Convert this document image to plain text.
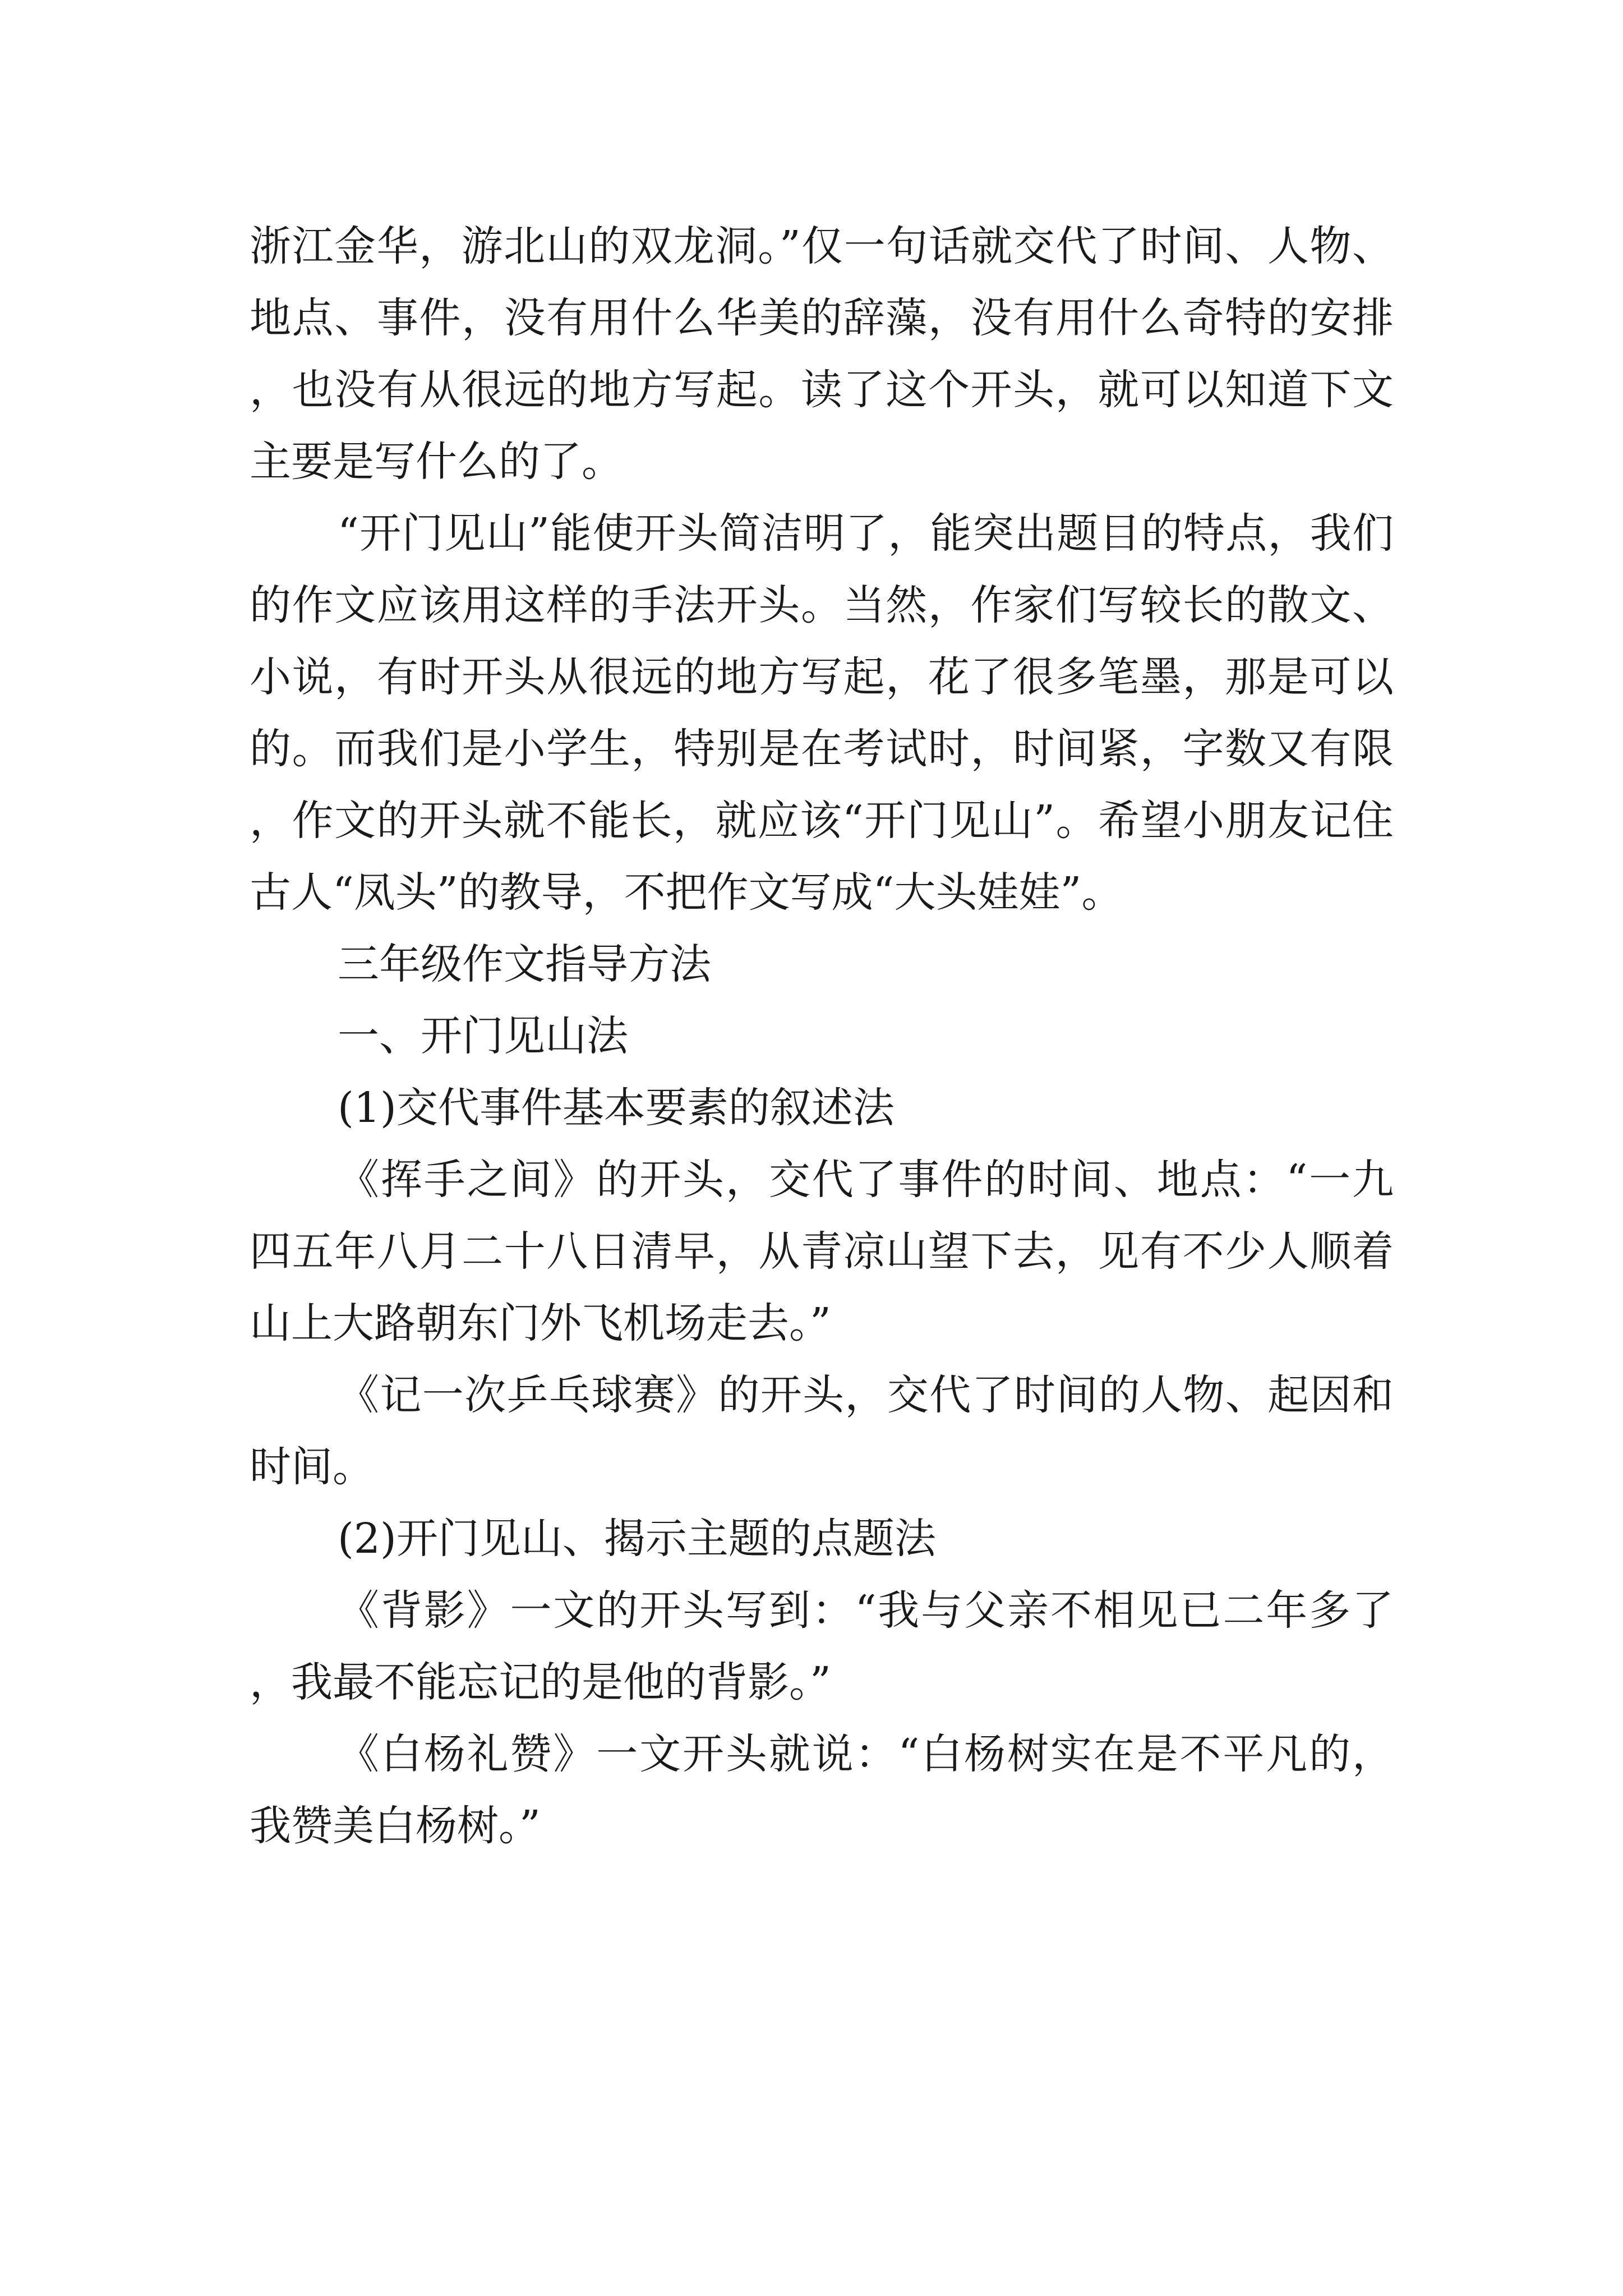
浙江金华，游北山的双龙洞。”仅一句话就交代了时间、人物、地点、事件，没有用什么华美的辞藻，没有用什么奇特的安排，也没有从很远的地方写起。读了这个开头，就可以知道下文主要是写什么的了。

“开门见山”能使开头简洁明了，能突出题目的特点，我们的作文应该用这样的手法开头。当然，作家们写较长的散文、小说，有时开头从很远的地方写起，花了很多笔墨，那是可以的。而我们是小学生，特别是在考试时，时间紧，字数又有限，作文的开头就不能长，就应该“开门见山”。希望小朋友记住古人“凤头”的教导，不把作文写成“大头娃娃”。

三年级作文指导方法

一、开门见山法

(1)交代事件基本要素的叙述法

《挥手之间》的开头，交代了事件的时间、地点：“一九四五年八月二十八日清早，从青凉山望下去，见有不少人顺着山上大路朝东门外飞机场走去。”

《记一次乒乓球赛》的开头，交代了时间的人物、起因和时间。

(2)开门见山、揭示主题的点题法

《背影》一文的开头写到：“我与父亲不相见已二年多了，我最不能忘记的是他的背影。”

《白杨礼赞》一文开头就说：“白杨树实在是不平凡的，我赞美白杨树。”
